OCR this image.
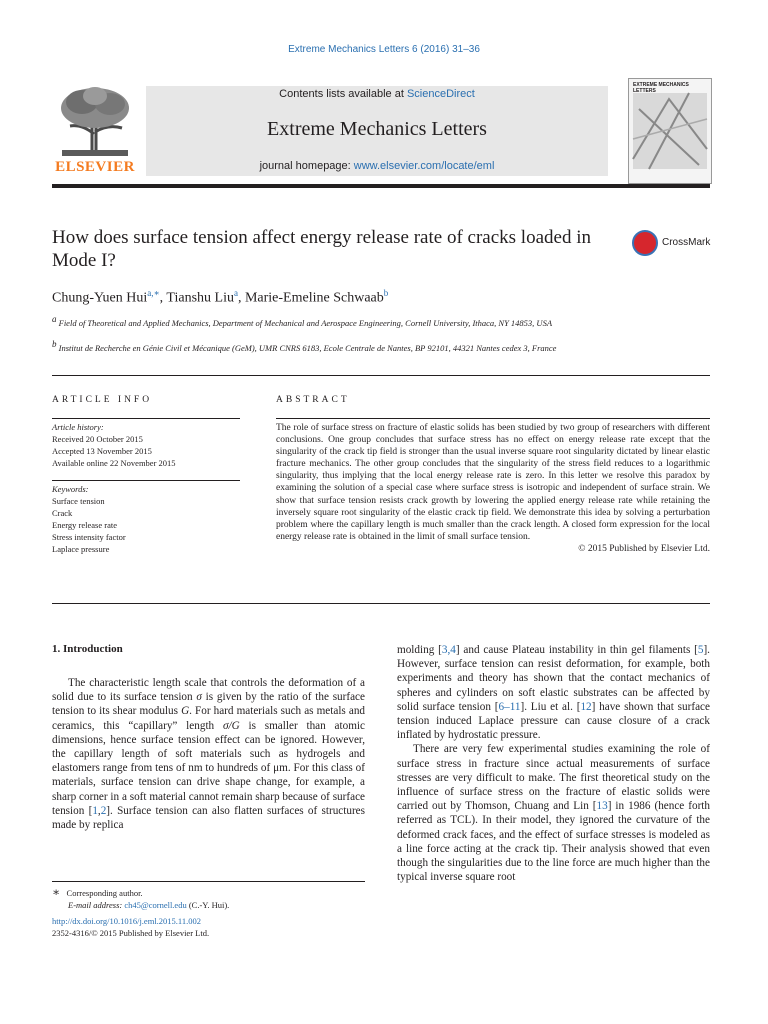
Extreme Mechanics Letters 6 (2016) 31–36
ELSEVIER
Contents lists available at ScienceDirect
Extreme Mechanics Letters
journal homepage: www.elsevier.com/locate/eml
EXTREME MECHANICS LETTERS
How does surface tension affect energy release rate of cracks loaded in Mode I?
CrossMark
Chung-Yuen Hui$^{a,∗}$, Tianshu Liu$^a$, Marie-Emeline Schwaab$^b$
$^a$ Field of Theoretical and Applied Mechanics, Department of Mechanical and Aerospace Engineering, Cornell University, Ithaca, NY 14853, USA
$^b$ Institut de Recherche en Génie Civil et Mécanique (GeM), UMR CNRS 6183, Ecole Centrale de Nantes, BP 92101, 44321 Nantes cedex 3, France
ARTICLE INFO
Article history:
Received 20 October 2015
Accepted 13 November 2015
Available online 22 November 2015
Keywords:
Surface tension
Crack
Energy release rate
Stress intensity factor
Laplace pressure
ABSTRACT
The role of surface stress on fracture of elastic solids has been studied by two group of researchers with different conclusions. One group concludes that surface stress has no effect on energy release rate except that the singularity of the crack tip field is stronger than the usual inverse square root singularity dictated by linear elastic fracture mechanics. The other group concludes that the singularity of the stress field reduces to a logarithmic singularity, thus implying that the local energy release rate is zero. In this letter we resolve this paradox by examining the solution of a special case where surface stress is isotropic and independent of surface strain. We show that surface tension resists crack growth by lowering the applied energy release rate while retaining the inversely square root singularity of the elastic crack tip field. We demonstrate this idea by solving a perturbation problem where the capillary length is much smaller than the crack length. A closed form expression for the local energy release rate is obtained in the limit of small surface tension.
© 2015 Published by Elsevier Ltd.
1. Introduction
The characteristic length scale that controls the deformation of a solid due to its surface tension σ is given by the ratio of the surface tension to its shear modulus G. For hard materials such as metals and ceramics, this “capillary” length σ/G is smaller than atomic dimensions, hence surface tension effect can be ignored. However, the capillary length of soft materials such as hydrogels and elastomers range from tens of nm to hundreds of μm. For this class of materials, surface tension can drive shape change, for example, a sharp corner in a soft material cannot remain sharp because of surface tension [1,2]. Surface tension can also flatten surfaces of structures made by replica
molding [3,4] and cause Plateau instability in thin gel filaments [5]. However, surface tension can resist deformation, for example, both experiments and theory has shown that the contact mechanics of spheres and cylinders on soft elastic substrates can be affected by solid surface tension [6–11]. Liu et al. [12] have shown that surface tension induced Laplace pressure can cause closure of a crack inflated by hydrostatic pressure.
There are very few experimental studies examining the role of surface stress in fracture since actual measurements of surface stresses are very difficult to make. The first theoretical study on the influence of surface stress on the fracture of elastic solids were carried out by Thomson, Chuang and Lin [13] in 1986 (hence forth referred as TCL). In their model, they ignored the curvature of the deformed crack faces, and the effect of surface stresses is modeled as a line force acting at the crack tip. Their analysis showed that even though the singularities due to the line force are much higher than the typical inverse square root
∗ Corresponding author.
E-mail address: ch45@cornell.edu (C.-Y. Hui).
http://dx.doi.org/10.1016/j.eml.2015.11.002
2352-4316/© 2015 Published by Elsevier Ltd.
